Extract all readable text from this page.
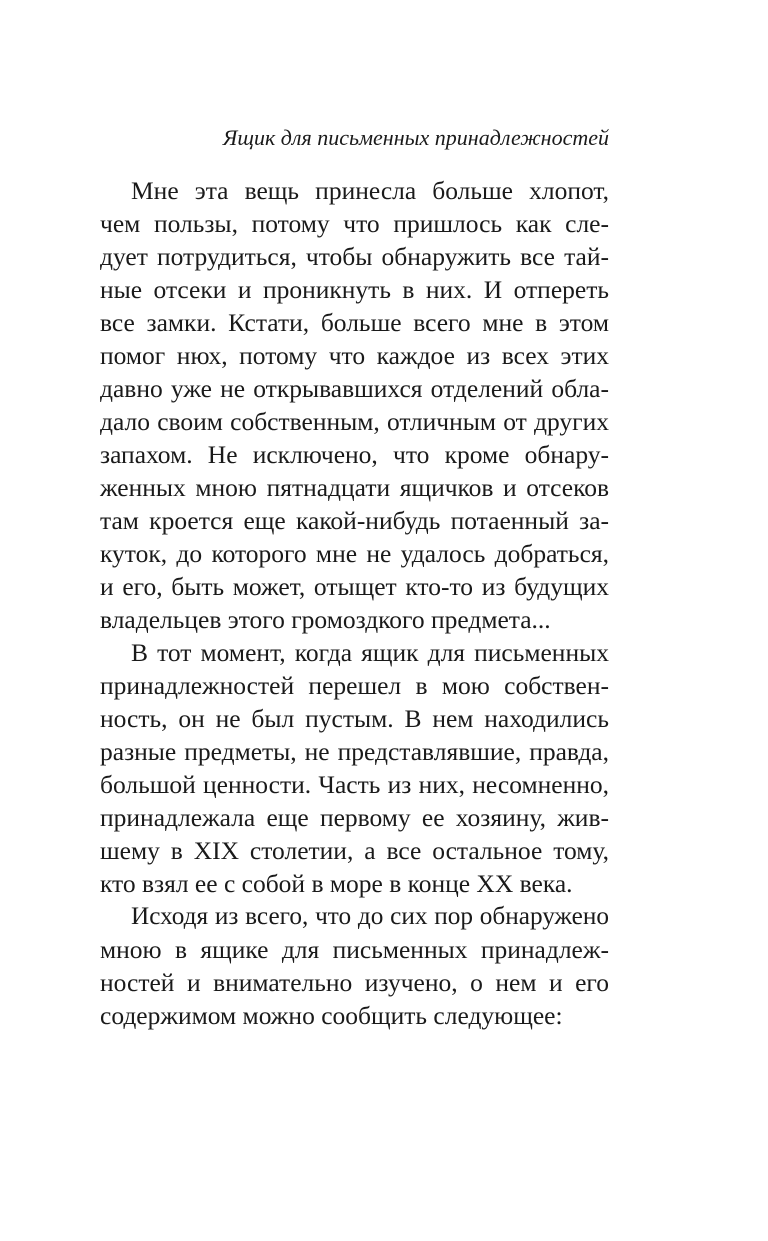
Ящик для письменных принадлежностей
Мне эта вещь принесла больше хлопот,
чем пользы, потому что пришлось как сле-
дует потрудиться, чтобы обнаружить все тай-
ные отсеки и проникнуть в них. И отпереть
все замки. Кстати, больше всего мне в этом
помог нюх, потому что каждое из всех этих
давно уже не открывавшихся отделений обла-
дало своим собственным, отличным от других
запахом. Не исключено, что кроме обнару-
женных мною пятнадцати ящичков и отсеков
там кроется еще какой-нибудь потаенный за-
куток, до которого мне не удалось добраться,
и его, быть может, отыщет кто-то из будущих
владельцев этого громоздкого предмета...
В тот момент, когда ящик для письменных
принадлежностей перешел в мою собствен-
ность, он не был пустым. В нем находились
разные предметы, не представлявшие, правда,
большой ценности. Часть из них, несомненно,
принадлежала еще первому ее хозяину, жив-
шему в XIX столетии, а все остальное тому,
кто взял ее с собой в море в конце XX века.
Исходя из всего, что до сих пор обнаружено
мною в ящике для письменных принадлеж-
ностей и внимательно изучено, о нем и его
содержимом можно сообщить следующее:
